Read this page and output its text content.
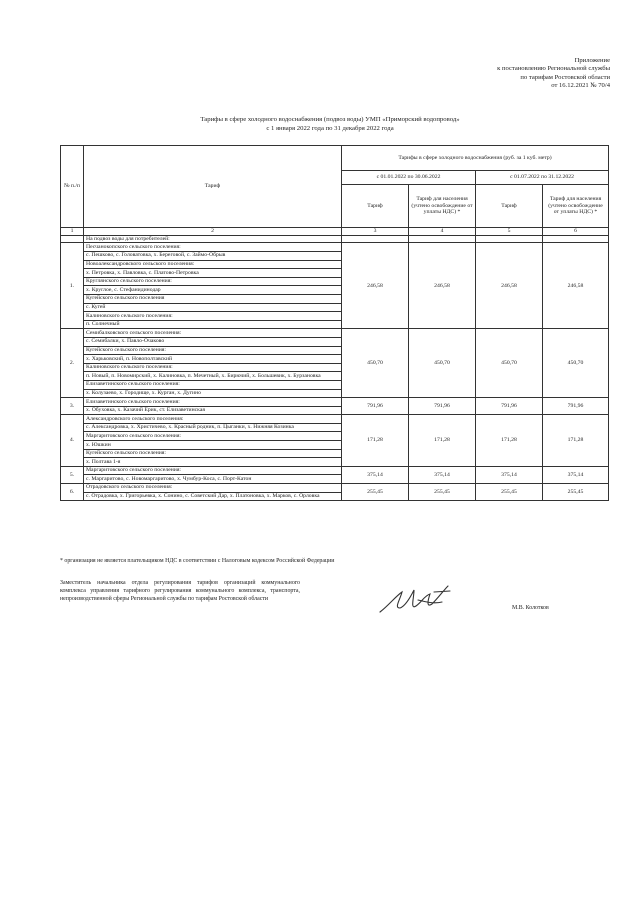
Приложение
к постановлению Региональной службы
по тарифам Ростовской области
от 16.12.2021 № 70/4
Тарифы в сфере холодного водоснабжения (подвоз воды) УМП «Приморский водопровод»
с 1 января 2022 года по 31 декабря 2022 года
№ п./п	Тариф	Тарифы в сфере холодного водоснабжения (руб. за 1 куб. метр)			
		с 01.01.2022 по 30.06.2022		с 01.07.2022 по 31.12.2022	
		Тариф	Тариф для населения (учтено освобождение от уплаты НДС) *	Тариф	Тариф для населения (учтено освобождение от уплаты НДС) *
1	2	3	4	5	6
	На подвоз воды для потребителей:				
1.	Песчанокопского сельского поселения:	246,58	246,58	246,58	246,58
	с. Пешково, с. Головатовка, х. Береговой, с. Займо-Обрыв				
	Новоалександровского сельского поселения:				
	х. Петровка, х. Павловка, с. Платово-Петровка				
	Круглянского сельского поселения:				
	х. Круглое, с. Стефанидинодар				
	Кугейского сельского поселения				
	с. Кугей				
	Калиновского сельского поселения:				
	п. Солнечный				
2.	Семибалковского сельского поселения:	450,70	450,70	450,70	450,70
	с. Семибалки, х. Павло-Очаково				
	Кугейского сельского поселения:				
	х. Харьковский, п. Новополтавский				
	Калиновского сельского поселения:				
	п. Новый, п. Новомирский, х. Калиновка, п. Мечетный, х. Бирючий, х. Большевик, х. Бурзановка				
	Елизаветинского сельского поселения:				
	х. Колузаево, х. Городище, х. Курган, х. Дугино				
3.	Елизаветинского сельского поселения:	791,96	791,96	791,96	791,96
	х. Обуховка, х. Казачий Ерик, ст. Елизаветинская				
4.	Александровского сельского поселения:	171,28	171,28	171,28	171,28
	с. Александровка, х. Христичево, х. Красный родник, п. Цыганки, х. Нижняя Козинка				
	Маргаритовского сельского поселения:				
	х. Юшкин				
	Кугейского сельского поселения:				
	х. Полтава 1-я				
5.	Маргаритовского сельского поселения:	375,14	375,14	375,14	375,14
	с. Маргаритово, с. Новомаргаритово, х. Чумбур-Коса, с. Порт-Катон				
6.	Отрадовского сельского поселения:	255,45	255,45	255,45	255,45
	с. Отрадовка, х. Григорьевка, х. Сонино, с. Советский Дар, х. Платоновка, х. Марков, с. Орловка				
* организация не является плательщиком НДС в соответствии с Налоговым кодексом Российской Федерации
Заместитель начальника отдела регулирования тарифов организаций коммунального комплекса управления тарифного регулирования коммунального комплекса, транспорта, непроизводственной сферы Региональной службы по тарифам Ростовской области
М.В. Колотков
